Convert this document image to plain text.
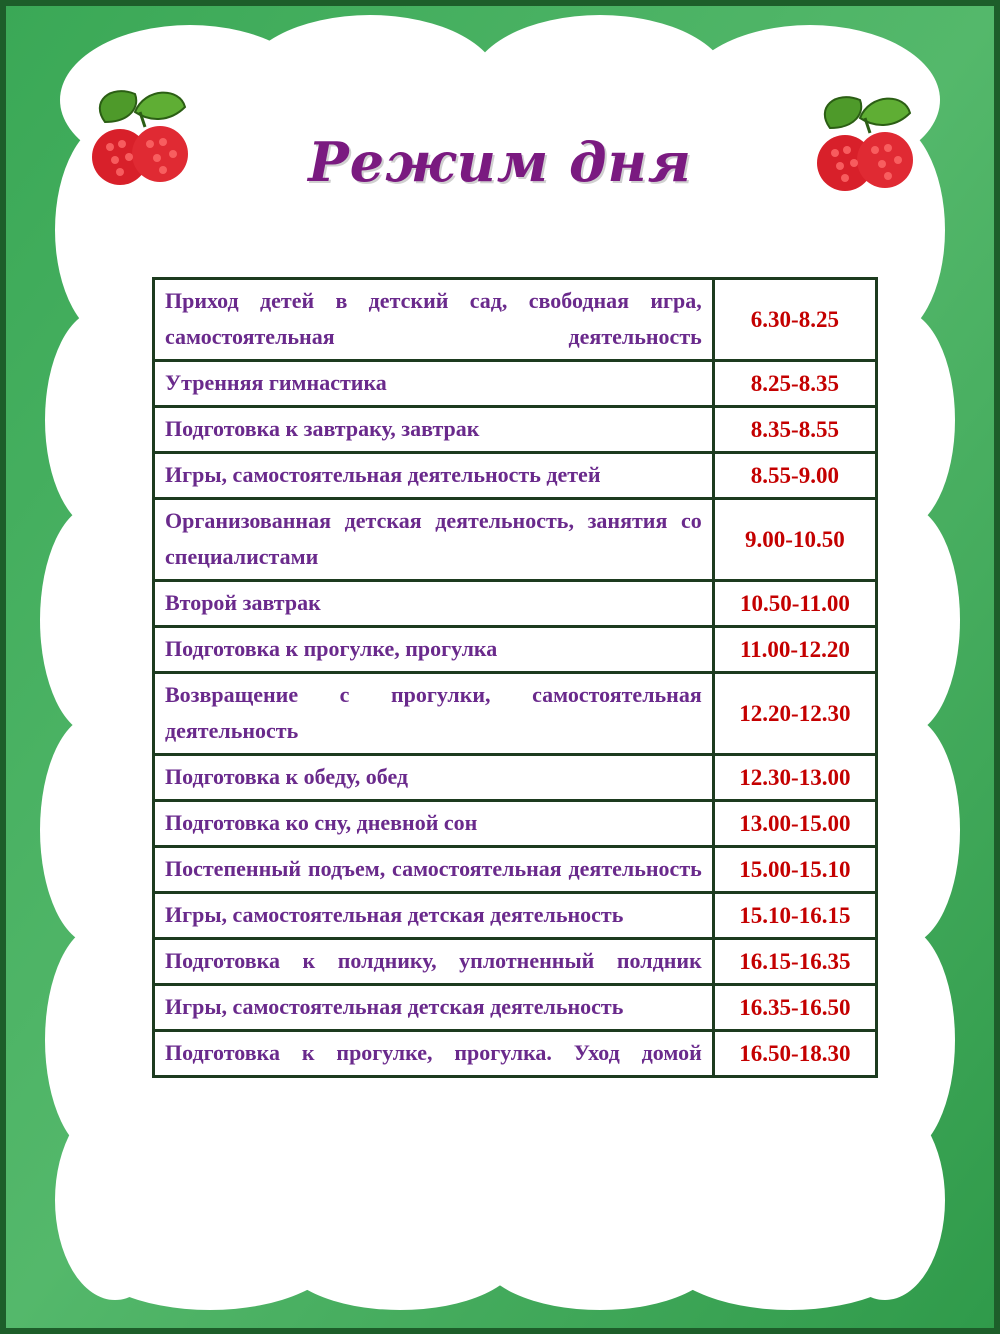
Режим дня
Приход детей в детский сад, свободная игра, самостоятельная деятельность	6.30-8.25
Утренняя гимнастика	8.25-8.35
Подготовка к завтраку, завтрак	8.35-8.55
Игры, самостоятельная деятельность детей	8.55-9.00
Организованная детская деятельность, занятия со специалистами	9.00-10.50
Второй завтрак	10.50-11.00
Подготовка к прогулке, прогулка	11.00-12.20
Возвращение с прогулки, самостоятельная деятельность	12.20-12.30
Подготовка к обеду, обед	12.30-13.00
Подготовка ко сну, дневной сон	13.00-15.00
Постепенный подъем, самостоятельная деятельность	15.00-15.10
Игры, самостоятельная детская деятельность	15.10-16.15
Подготовка к полднику, уплотненный полдник	16.15-16.35
Игры, самостоятельная детская деятельность	16.35-16.50
Подготовка к прогулке, прогулка. Уход домой	16.50-18.30
